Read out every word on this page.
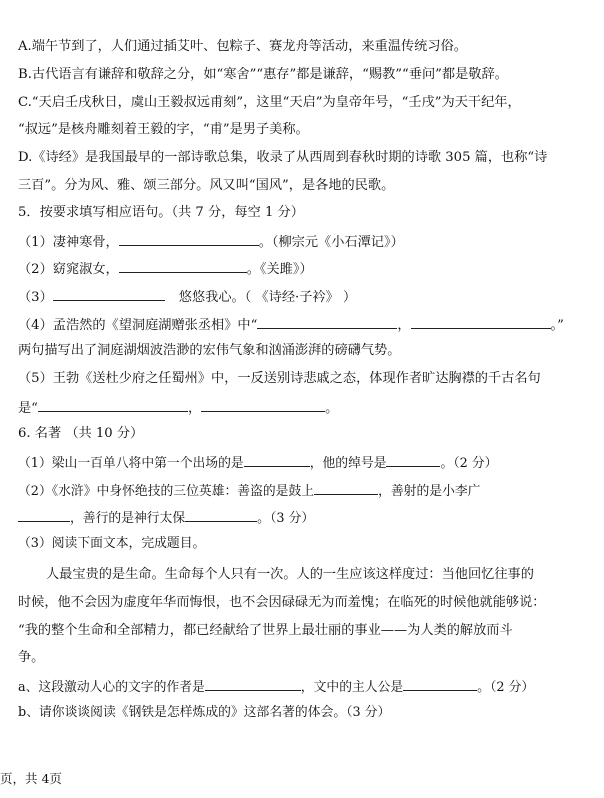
A.端午节到了，人们通过插艾叶、包粽子、赛龙舟等活动，来重温传统习俗。
B.古代语言有谦辞和敬辞之分，如“寒舍”“惠存”都是谦辞，“赐教”“垂问”都是敬辞。
C.“天启壬戌秋日，虞山王毅叔远甫刻”，这里“天启”为皇帝年号，“壬戌”为天干纪年，
“叔远”是核舟雕刻着王毅的字，“甫”是男子美称。
D.《诗经》是我国最早的一部诗歌总集，收录了从西周到春秋时期的诗歌 305 篇，也称“诗
三百”。分为风、雅、颂三部分。风又叫“国风”，是各地的民歌。
5．按要求填写相应语句。（共 7 分，每空 1 分）
（1）凄神寒骨，	。（柳宗元《小石潭记》）
（2）窈窕淑女，	。《关雎》）
（3）	悠悠我心。（ 《诗经·子衿》 ）
（4）孟浩然的《望洞庭湖赠张丞相》中“	，	。”
两句描写出了洞庭湖烟波浩渺的宏伟气象和汹涌澎湃的磅礴气势。
（5）王勃《送杜少府之任蜀州》中，一反送别诗悲戚之态，体现作者旷达胸襟的千古名句
是“	，	。
6. 名著 （共 10 分）
（1）梁山一百单八将中第一个出场的是	，他的绰号是	。（2 分）
（2）《水浒》中身怀绝技的三位英雄：善盗的是鼓上	，善射的是小李广
，善行的是神行太保	。（3 分）
（3）阅读下面文本，完成题目。
人最宝贵的是生命。生命每个人只有一次。人的一生应该这样度过：当他回忆往事的
时候，他不会因为虚度年华而悔恨，也不会因碌碌无为而羞愧；在临死的时候他就能够说：
“我的整个生命和全部精力，都已经献给了世界上最壮丽的事业——为人类的解放而斗
争。
a、这段激动人心的文字的作者是	，文中的主人公是	。（2 分）
b、请你谈谈阅读《钢铁是怎样炼成的》这部名著的体会。（3 分）
页，共 4页
